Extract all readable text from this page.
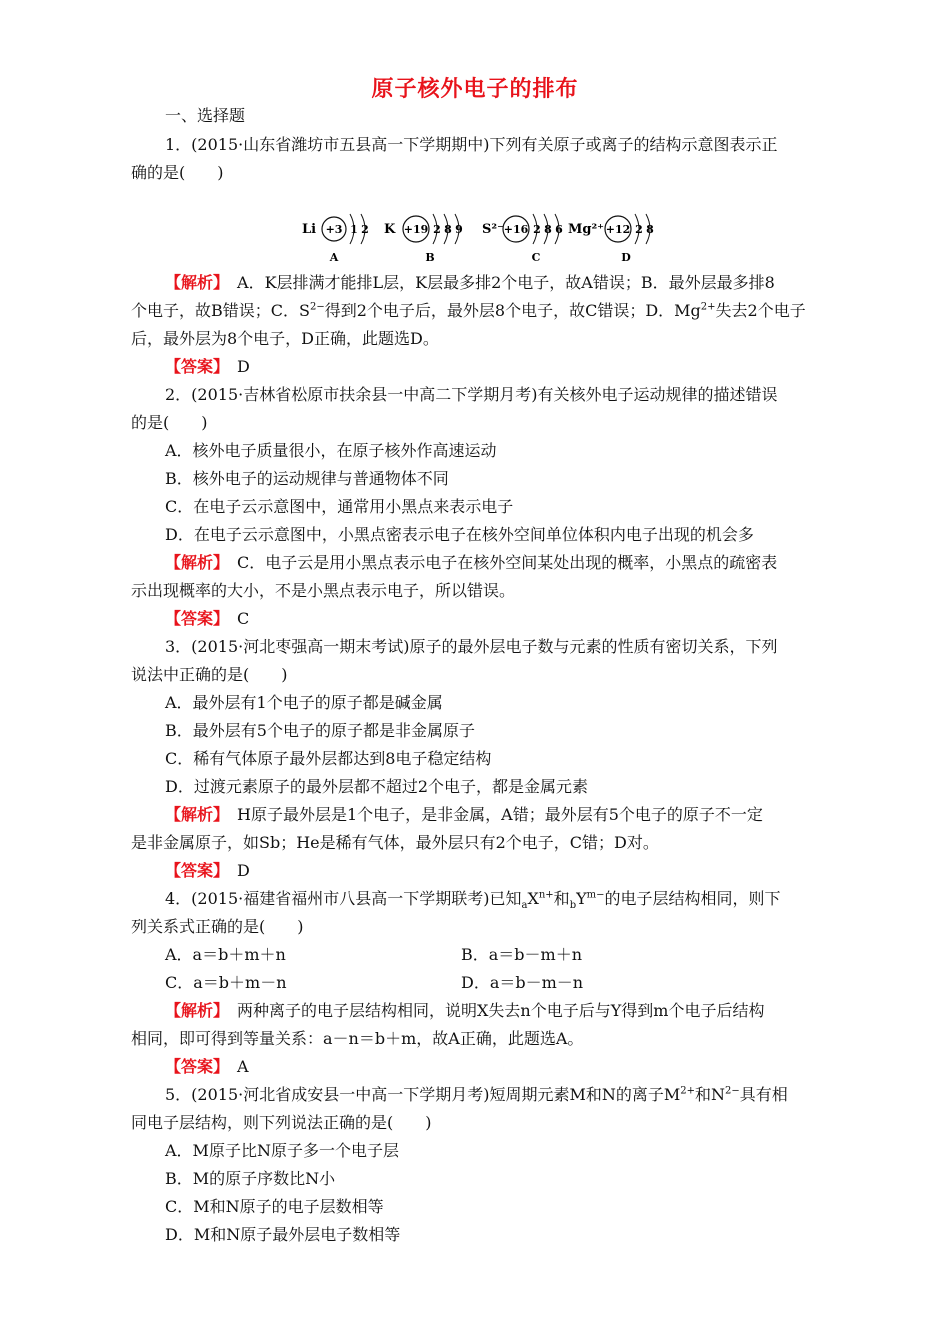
原子核外电子的排布
一、选择题
1．(2015·山东省潍坊市五县高一下学期期中)下列有关原子或离子的结构示意图表示正
确的是(　　)
Li +3 1 2
A
K +19 2 8 9
B
S²⁻ +16 2 8 6
C
Mg²⁺ +12 2 8
D
【解析】　A．K层排满才能排L层，K层最多排2个电子，故A错误；B．最外层最多排8
个电子，故B错误；C．$S^{2-}$得到2个电子后，最外层8个电子，故C错误；D．$Mg^{2+}$失去2个电子
后，最外层为8个电子，D正确，此题选D。
【答案】　D
2．(2015·吉林省松原市扶余县一中高二下学期月考)有关核外电子运动规律的描述错误
的是(　　)
A．核外电子质量很小，在原子核外作高速运动
B．核外电子的运动规律与普通物体不同
C．在电子云示意图中，通常用小黑点来表示电子
D．在电子云示意图中，小黑点密表示电子在核外空间单位体积内电子出现的机会多
【解析】　C．电子云是用小黑点表示电子在核外空间某处出现的概率，小黑点的疏密表
示出现概率的大小，不是小黑点表示电子，所以错误。
【答案】　C
3．(2015·河北枣强高一期末考试)原子的最外层电子数与元素的性质有密切关系，下列
说法中正确的是(　　)
A．最外层有1个电子的原子都是碱金属
B．最外层有5个电子的原子都是非金属原子
C．稀有气体原子最外层都达到8电子稳定结构
D．过渡元素原子的最外层都不超过2个电子，都是金属元素
【解析】　H原子最外层是1个电子，是非金属，A错；最外层有5个电子的原子不一定
是非金属原子，如Sb；He是稀有气体，最外层只有2个电子，C错；D对。
【答案】　D
4．(2015·福建省福州市八县高一下学期联考)已知$_aX^{n+}$和$_bY^{m-}$的电子层结构相同，则下
列关系式正确的是(　　)
A．a＝b＋m＋n	B．a＝b－m＋n
C．a＝b＋m－n	D．a＝b－m－n
【解析】　两种离子的电子层结构相同，说明X失去n个电子后与Y得到m个电子后结构
相同，即可得到等量关系：a－n＝b＋m，故A正确，此题选A。
【答案】　A
5．(2015·河北省成安县一中高一下学期月考)短周期元素M和N的离子$M^{2+}$和$N^{2-}$具有相
同电子层结构，则下列说法正确的是(　　)
A．M原子比N原子多一个电子层
B．M的原子序数比N小
C．M和N原子的电子层数相等
D．M和N原子最外层电子数相等
